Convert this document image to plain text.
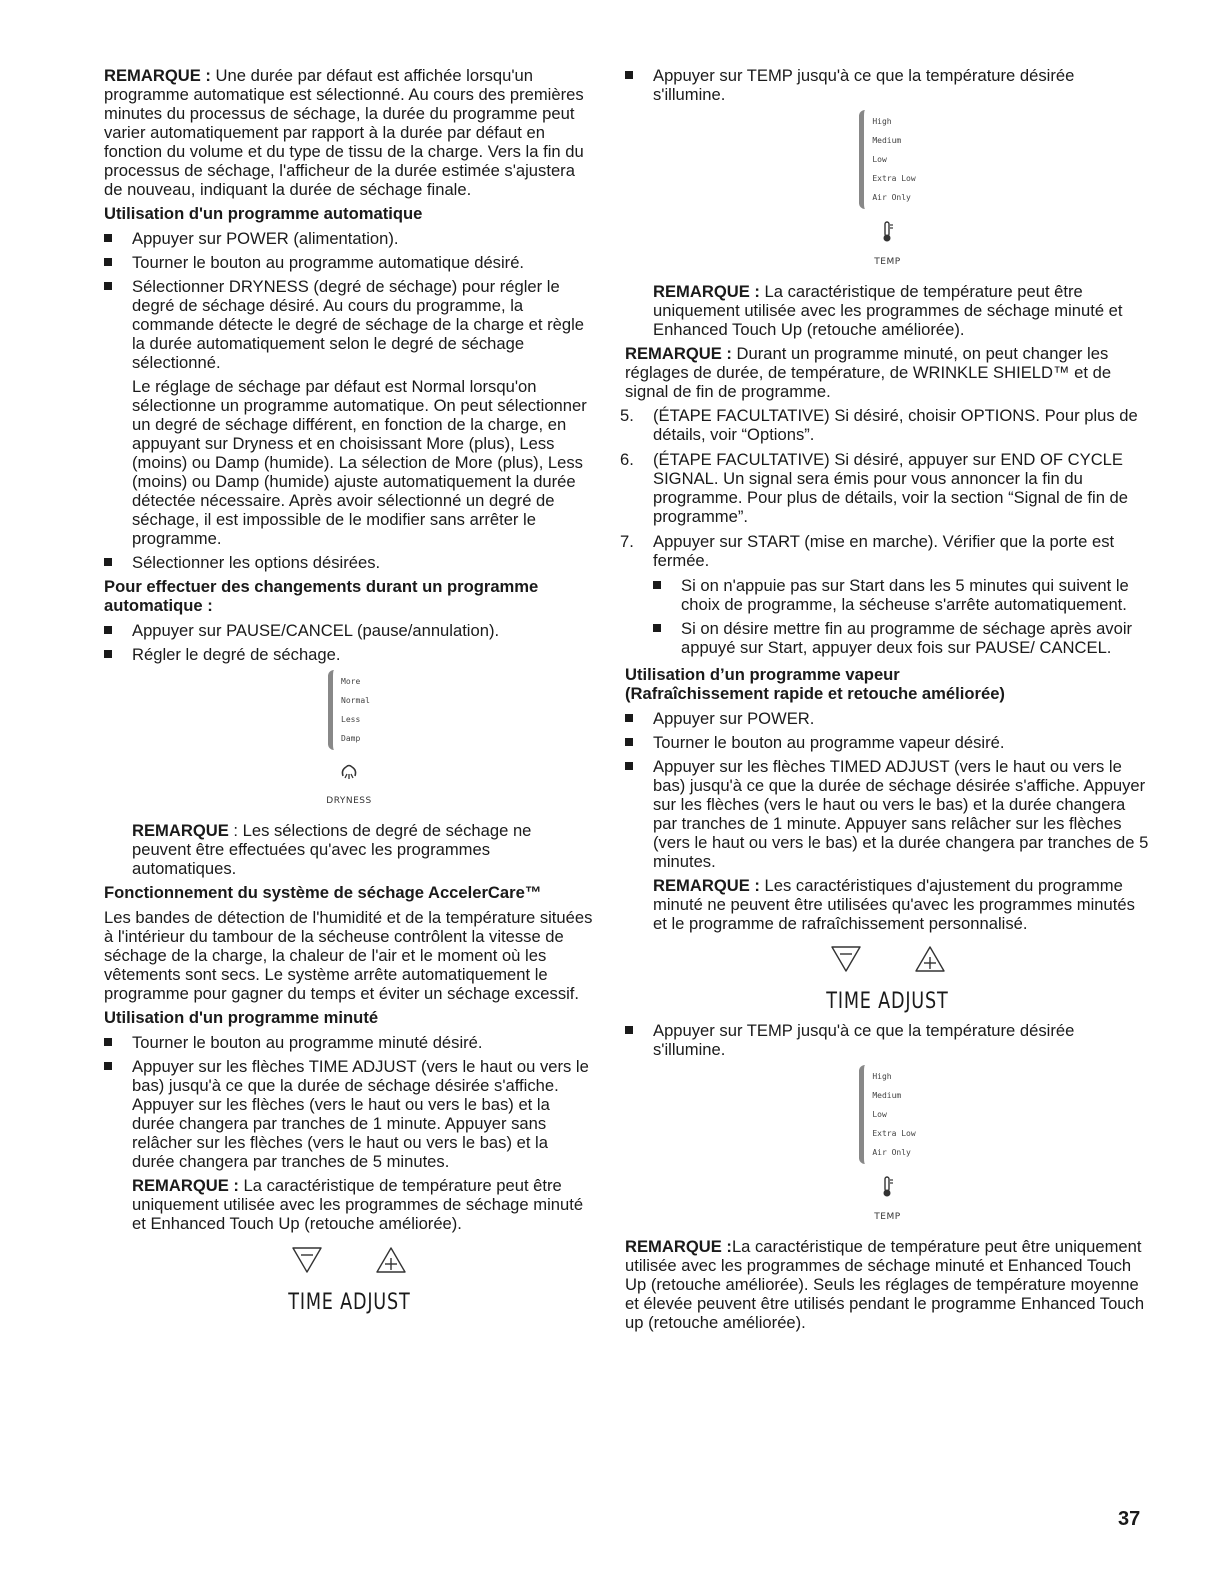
REMARQUE : Une durée par défaut est affichée lorsqu'un programme automatique est sélectionné. Au cours des premières minutes du processus de séchage, la durée du programme peut varier automatiquement par rapport à la durée par défaut en fonction du volume et du type de tissu de la charge. Vers la fin du processus de séchage, l'afficheur de la durée estimée s'ajustera de nouveau, indiquant la durée de séchage finale.

Utilisation d'un programme automatique

Appuyer sur POWER (alimentation).
Tourner le bouton au programme automatique désiré.
Sélectionner DRYNESS (degré de séchage) pour régler le degré de séchage désiré. Au cours du programme, la commande détecte le degré de séchage de la charge et règle la durée automatiquement selon le degré de séchage sélectionné.

Le réglage de séchage par défaut est Normal lorsqu'on sélectionne un programme automatique. On peut sélectionner un degré de séchage différent, en fonction de la charge, en appuyant sur Dryness et en choisissant More (plus), Less (moins) ou Damp (humide). La sélection de More (plus), Less (moins) ou Damp (humide) ajuste automatiquement la durée détectée nécessaire. Après avoir sélectionné un degré de séchage, il est impossible de le modifier sans arrêter le programme.

Sélectionner les options désirées.

Pour effectuer des changements durant un programme automatique :

Appuyer sur PAUSE/CANCEL (pause/annulation).
Régler le degré de séchage.
More
Normal
Less
Damp
DRYNESS

REMARQUE : Les sélections de degré de séchage ne peuvent être effectuées qu'avec les programmes automatiques.

Fonctionnement du système de séchage AccelerCare™

Les bandes de détection de l'humidité et de la température situées à l'intérieur du tambour de la sécheuse contrôlent la vitesse de séchage de la charge, la chaleur de l'air et le moment où les vêtements sont secs. Le système arrête automatiquement le programme pour gagner du temps et éviter un séchage excessif.

Utilisation d'un programme minuté

Tourner le bouton au programme minuté désiré.
Appuyer sur les flèches TIME ADJUST (vers le haut ou vers le bas) jusqu'à ce que la durée de séchage désirée s'affiche. Appuyer sur les flèches (vers le haut ou vers le bas) et la durée changera par tranches de 1 minute. Appuyer sans relâcher sur les flèches (vers le haut ou vers le bas) et la durée changera par tranches de 5 minutes.

REMARQUE : La caractéristique de température peut être uniquement utilisée avec les programmes de séchage minuté et Enhanced Touch Up (retouche améliorée).

TIME ADJUST
Appuyer sur TEMP jusqu'à ce que la température désirée s'illumine.
High
Medium
Low
Extra Low
Air Only
TEMP

REMARQUE : La caractéristique de température peut être uniquement utilisée avec les programmes de séchage minuté et Enhanced Touch Up (retouche améliorée).

REMARQUE : Durant un programme minuté, on peut changer les réglages de durée, de température, de WRINKLE SHIELD™ et de signal de fin de programme.

5. (ÉTAPE FACULTATIVE) Si désiré, choisir OPTIONS. Pour plus de détails, voir “Options”.
6. (ÉTAPE FACULTATIVE) Si désiré, appuyer sur END OF CYCLE SIGNAL. Un signal sera émis pour vous annoncer la fin du programme. Pour plus de détails, voir la section “Signal de fin de programme”.
7. Appuyer sur START (mise en marche). Vérifier que la porte est fermée.
Si on n'appuie pas sur Start dans les 5 minutes qui suivent le choix de programme, la sécheuse s'arrête automatiquement.
Si on désire mettre fin au programme de séchage après avoir appuyé sur Start, appuyer deux fois sur PAUSE/ CANCEL.

Utilisation d’un programme vapeur
(Rafraîchissement rapide et retouche améliorée)

Appuyer sur POWER.
Tourner le bouton au programme vapeur désiré.
Appuyer sur les flèches TIMED ADJUST (vers le haut ou vers le bas) jusqu'à ce que la durée de séchage désirée s'affiche. Appuyer sur les flèches (vers le haut ou vers le bas) et la durée changera par tranches de 1 minute. Appuyer sans relâcher sur les flèches (vers le haut ou vers le bas) et la durée changera par tranches de 5 minutes.

REMARQUE : Les caractéristiques d'ajustement du programme minuté ne peuvent être utilisées qu'avec les programmes minutés et le programme de rafraîchissement personnalisé.

TIME ADJUST
Appuyer sur TEMP jusqu'à ce que la température désirée s'illumine.
High
Medium
Low
Extra Low
Air Only
TEMP

REMARQUE :La caractéristique de température peut être uniquement utilisée avec les programmes de séchage minuté et Enhanced Touch Up (retouche améliorée). Seuls les réglages de température moyenne et élevée peuvent être utilisés pendant le programme Enhanced Touch up (retouche améliorée).

37
